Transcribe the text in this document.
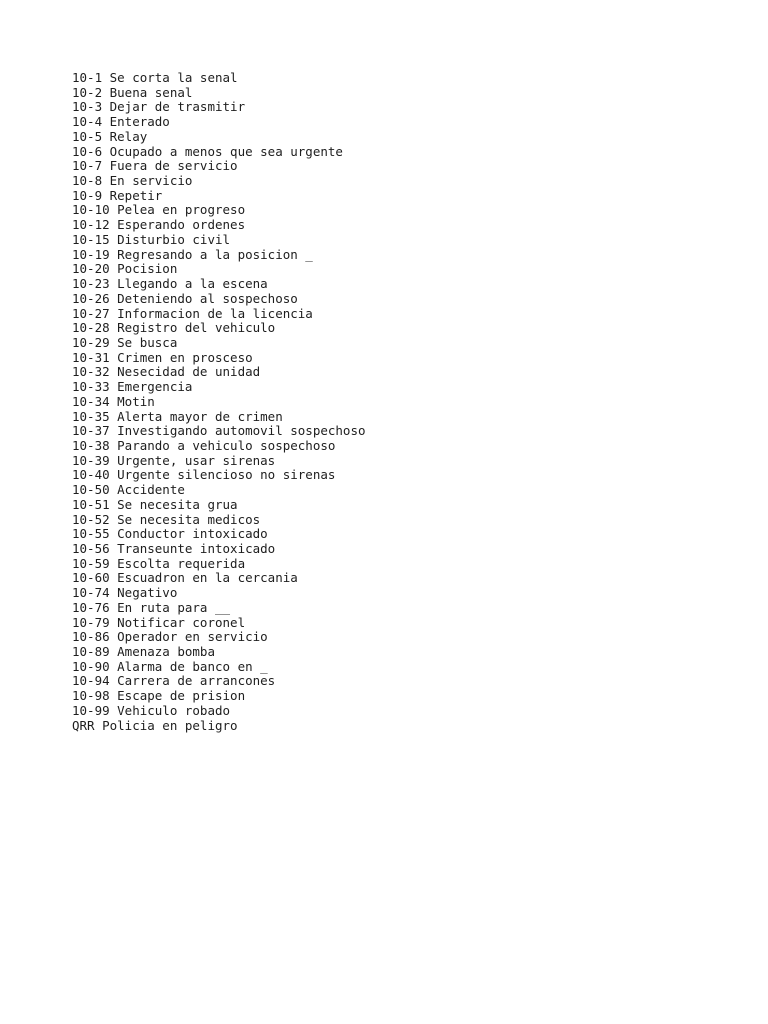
10-1 Se corta la senal
10-2 Buena senal
10-3 Dejar de trasmitir
10-4 Enterado
10-5 Relay
10-6 Ocupado a menos que sea urgente
10-7 Fuera de servicio
10-8 En servicio
10-9 Repetir
10-10 Pelea en progreso
10-12 Esperando ordenes
10-15 Disturbio civil
10-19 Regresando a la posicion _
10-20 Pocision
10-23 Llegando a la escena
10-26 Deteniendo al sospechoso
10-27 Informacion de la licencia
10-28 Registro del vehiculo
10-29 Se busca
10-31 Crimen en prosceso
10-32 Nesecidad de unidad
10-33 Emergencia
10-34 Motin
10-35 Alerta mayor de crimen
10-37 Investigando automovil sospechoso
10-38 Parando a vehiculo sospechoso
10-39 Urgente, usar sirenas
10-40 Urgente silencioso no sirenas
10-50 Accidente
10-51 Se necesita grua
10-52 Se necesita medicos
10-55 Conductor intoxicado
10-56 Transeunte intoxicado
10-59 Escolta requerida
10-60 Escuadron en la cercania
10-74 Negativo
10-76 En ruta para __
10-79 Notificar coronel
10-86 Operador en servicio
10-89 Amenaza bomba
10-90 Alarma de banco en _
10-94 Carrera de arrancones
10-98 Escape de prision
10-99 Vehiculo robado
QRR Policia en peligro
